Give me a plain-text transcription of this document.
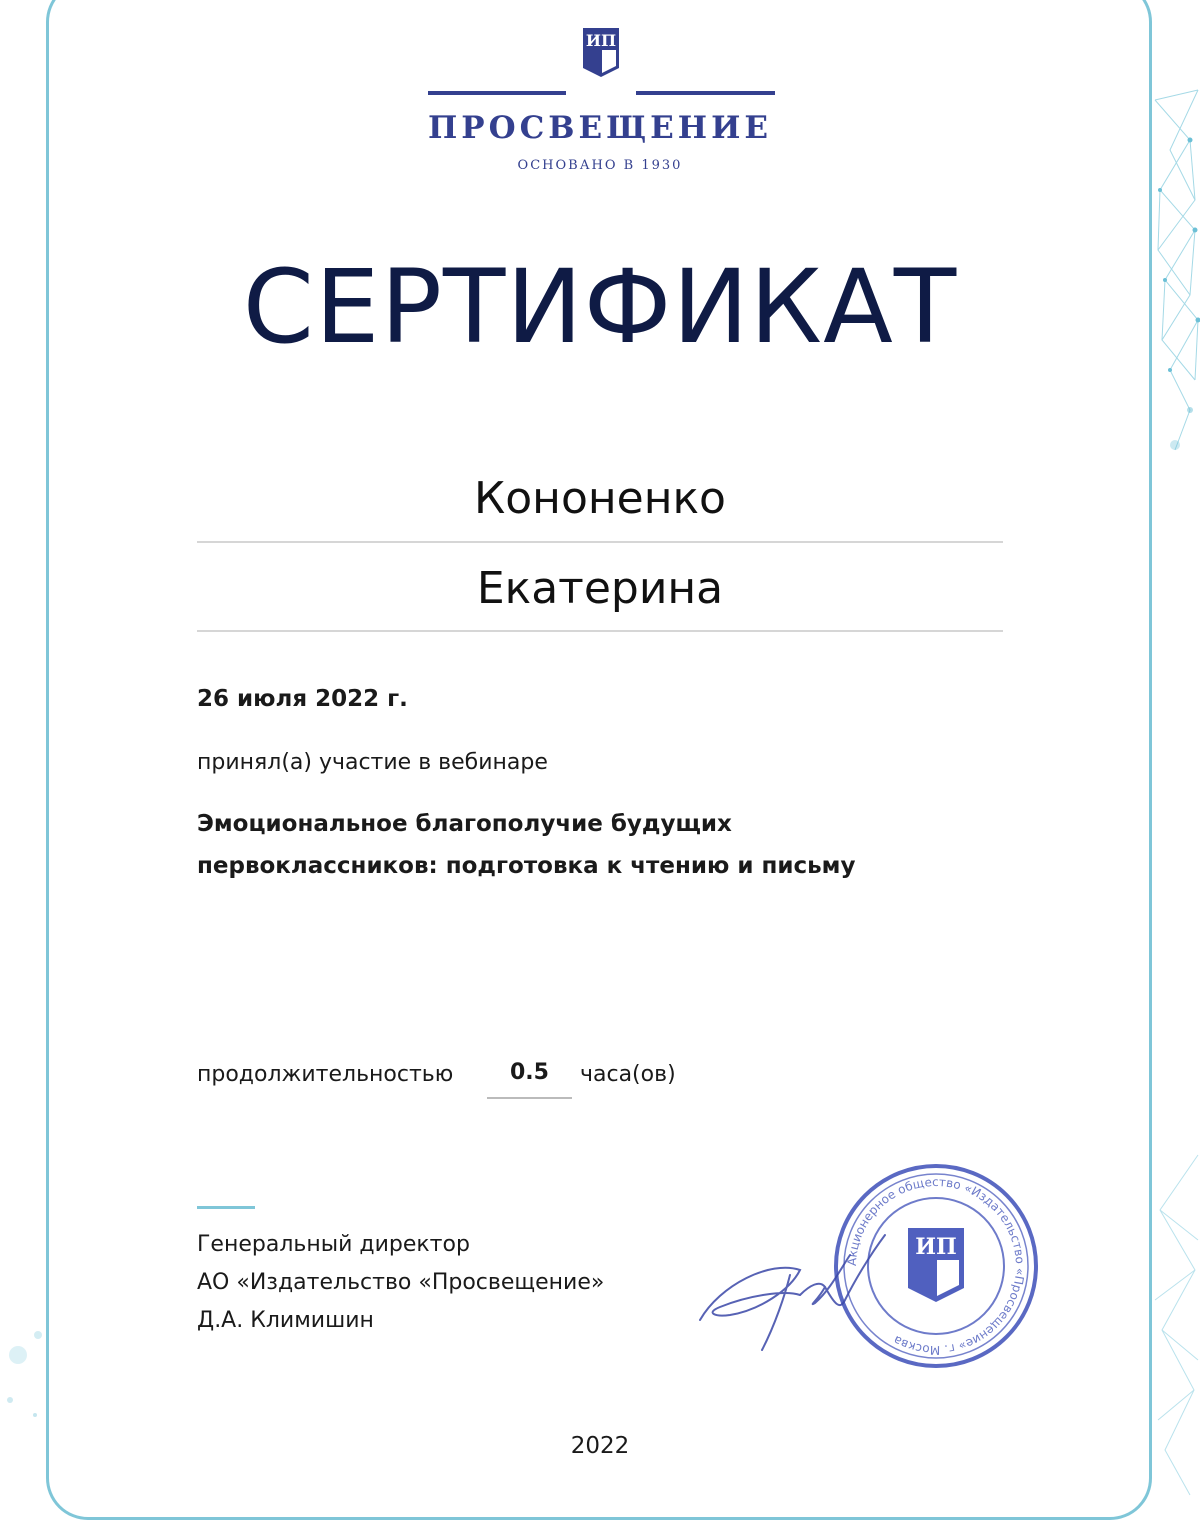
ИП
ПРОСВЕЩЕНИЕ
ОСНОВАНО В 1930
СЕРТИФИКАТ
Кононенко
Екатерина
26 июля 2022 г.
принял(а) участие в вебинаре
Эмоциональное благополучие будущих
первоклассников: подготовка к чтению и письму
продолжительностью	0.5	часа(ов)
Генеральный директор
АО «Издательство «Просвещение»
Д.А. Климишин
Акционерное общество «Издательство «Просвещение» г. Москва
ИП
2022
